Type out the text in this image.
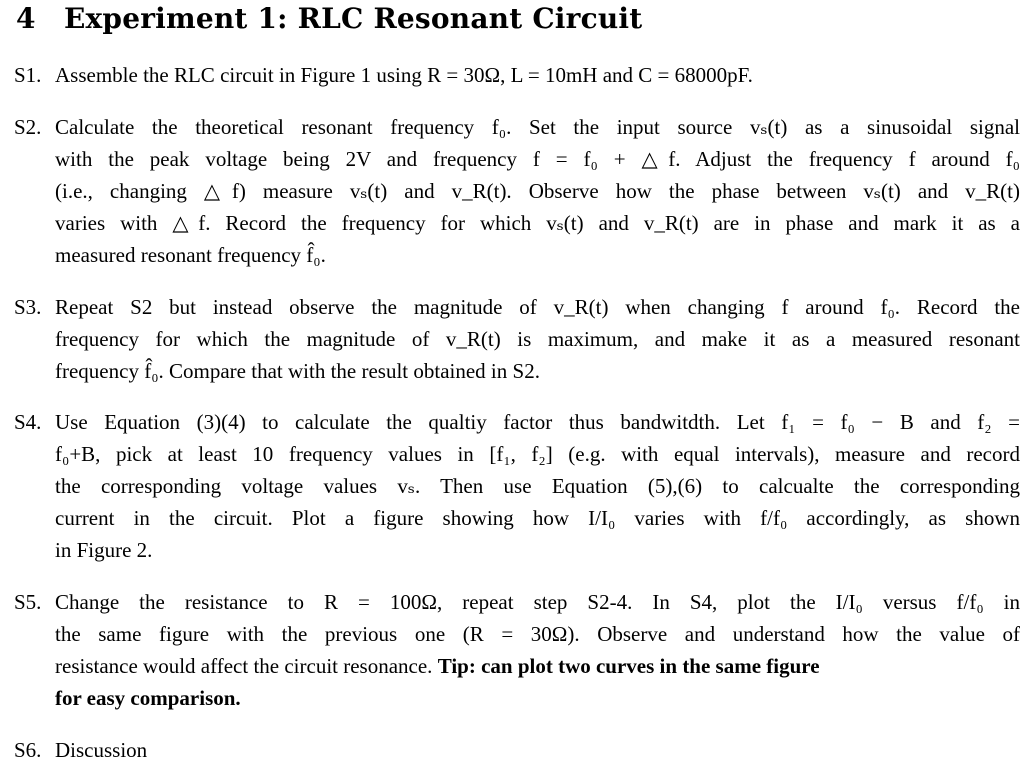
4 Experiment 1: RLC Resonant Circuit
S1. Assemble the RLC circuit in Figure 1 using R = 30Ω, L = 10mH and C = 68000pF.
S2. Calculate the theoretical resonant frequency f₀. Set the input source vₛ(t) as a sinusoidal signal
with the peak voltage being 2V and frequency f = f₀ + △f. Adjust the frequency f around f₀
(i.e., changing △f) measure vₛ(t) and v_R(t). Observe how the phase between vₛ(t) and v_R(t)
varies with △f. Record the frequency for which vₛ(t) and v_R(t) are in phase and mark it as a
measured resonant frequency f̂₀.
S3. Repeat S2 but instead observe the magnitude of v_R(t) when changing f around f₀. Record the
frequency for which the magnitude of v_R(t) is maximum, and make it as a measured resonant
frequency f̂₀. Compare that with the result obtained in S2.
S4. Use Equation (3)(4) to calculate the qualtiy factor thus bandwitdth. Let f₁ = f₀ − B and f₂ =
f₀+B, pick at least 10 frequency values in [f₁, f₂] (e.g. with equal intervals), measure and record
the corresponding voltage values vₛ. Then use Equation (5),(6) to calcualte the corresponding
current in the circuit. Plot a figure showing how I/I₀ varies with f/f₀ accordingly, as shown
in Figure 2.
S5. Change the resistance to R = 100Ω, repeat step S2-4. In S4, plot the I/I₀ versus f/f₀ in
the same figure with the previous one (R = 30Ω). Observe and understand how the value of
resistance would affect the circuit resonance. Tip: can plot two curves in the same figure
for easy comparison.
S6. Discussion
